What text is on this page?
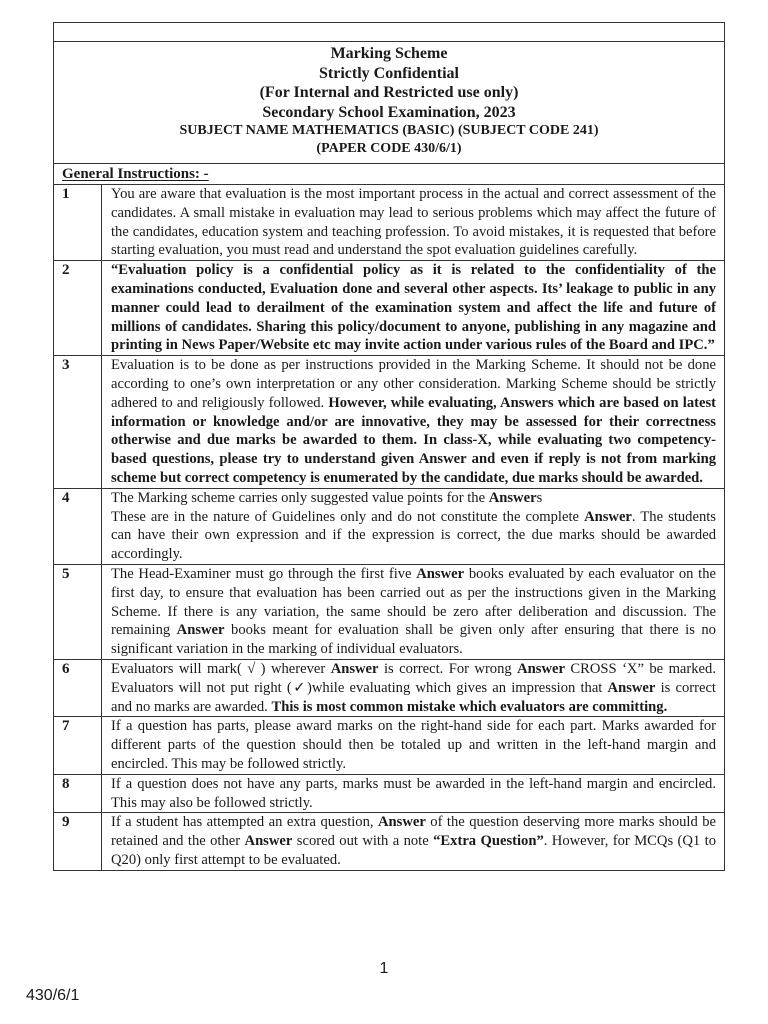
Marking Scheme
Strictly Confidential
(For Internal and Restricted use only)
Secondary School Examination, 2023
SUBJECT NAME MATHEMATICS (BASIC) (SUBJECT CODE 241)
(PAPER CODE 430/6/1)
General Instructions: -
1	You are aware that evaluation is the most important process in the actual and correct assessment of the candidates. A small mistake in evaluation may lead to serious problems which may affect the future of the candidates, education system and teaching profession. To avoid mistakes, it is requested that before starting evaluation, you must read and understand the spot evaluation guidelines carefully.
2	“Evaluation policy is a confidential policy as it is related to the confidentiality of the examinations conducted, Evaluation done and several other aspects. Its’ leakage to public in any manner could lead to derailment of the examination system and affect the life and future of millions of candidates. Sharing this policy/document to anyone, publishing in any magazine and printing in News Paper/Website etc may invite action under various rules of the Board and IPC.”
3	Evaluation is to be done as per instructions provided in the Marking Scheme. It should not be done according to one’s own interpretation or any other consideration. Marking Scheme should be strictly adhered to and religiously followed. However, while evaluating, Answers which are based on latest information or knowledge and/or are innovative, they may be assessed for their correctness otherwise and due marks be awarded to them. In class-X, while evaluating two competency-based questions, please try to understand given Answer and even if reply is not from marking scheme but correct competency is enumerated by the candidate, due marks should be awarded.
4	The Marking scheme carries only suggested value points for the Answers
These are in the nature of Guidelines only and do not constitute the complete Answer. The students can have their own expression and if the expression is correct, the due marks should be awarded accordingly.
5	The Head-Examiner must go through the first five Answer books evaluated by each evaluator on the first day, to ensure that evaluation has been carried out as per the instructions given in the Marking Scheme. If there is any variation, the same should be zero after deliberation and discussion. The remaining Answer books meant for evaluation shall be given only after ensuring that there is no significant variation in the marking of individual evaluators.
6	Evaluators will mark( √ ) wherever Answer is correct. For wrong Answer CROSS ‘X” be marked. Evaluators will not put right (✓)while evaluating which gives an impression that Answer is correct and no marks are awarded. This is most common mistake which evaluators are committing.
7	If a question has parts, please award marks on the right-hand side for each part. Marks awarded for different parts of the question should then be totaled up and written in the left-hand margin and encircled. This may be followed strictly.
8	If a question does not have any parts, marks must be awarded in the left-hand margin and encircled. This may also be followed strictly.
9	If a student has attempted an extra question, Answer of the question deserving more marks should be retained and the other Answer scored out with a note “Extra Question”. However, for MCQs (Q1 to Q20) only first attempt to be evaluated.
1
430/6/1
